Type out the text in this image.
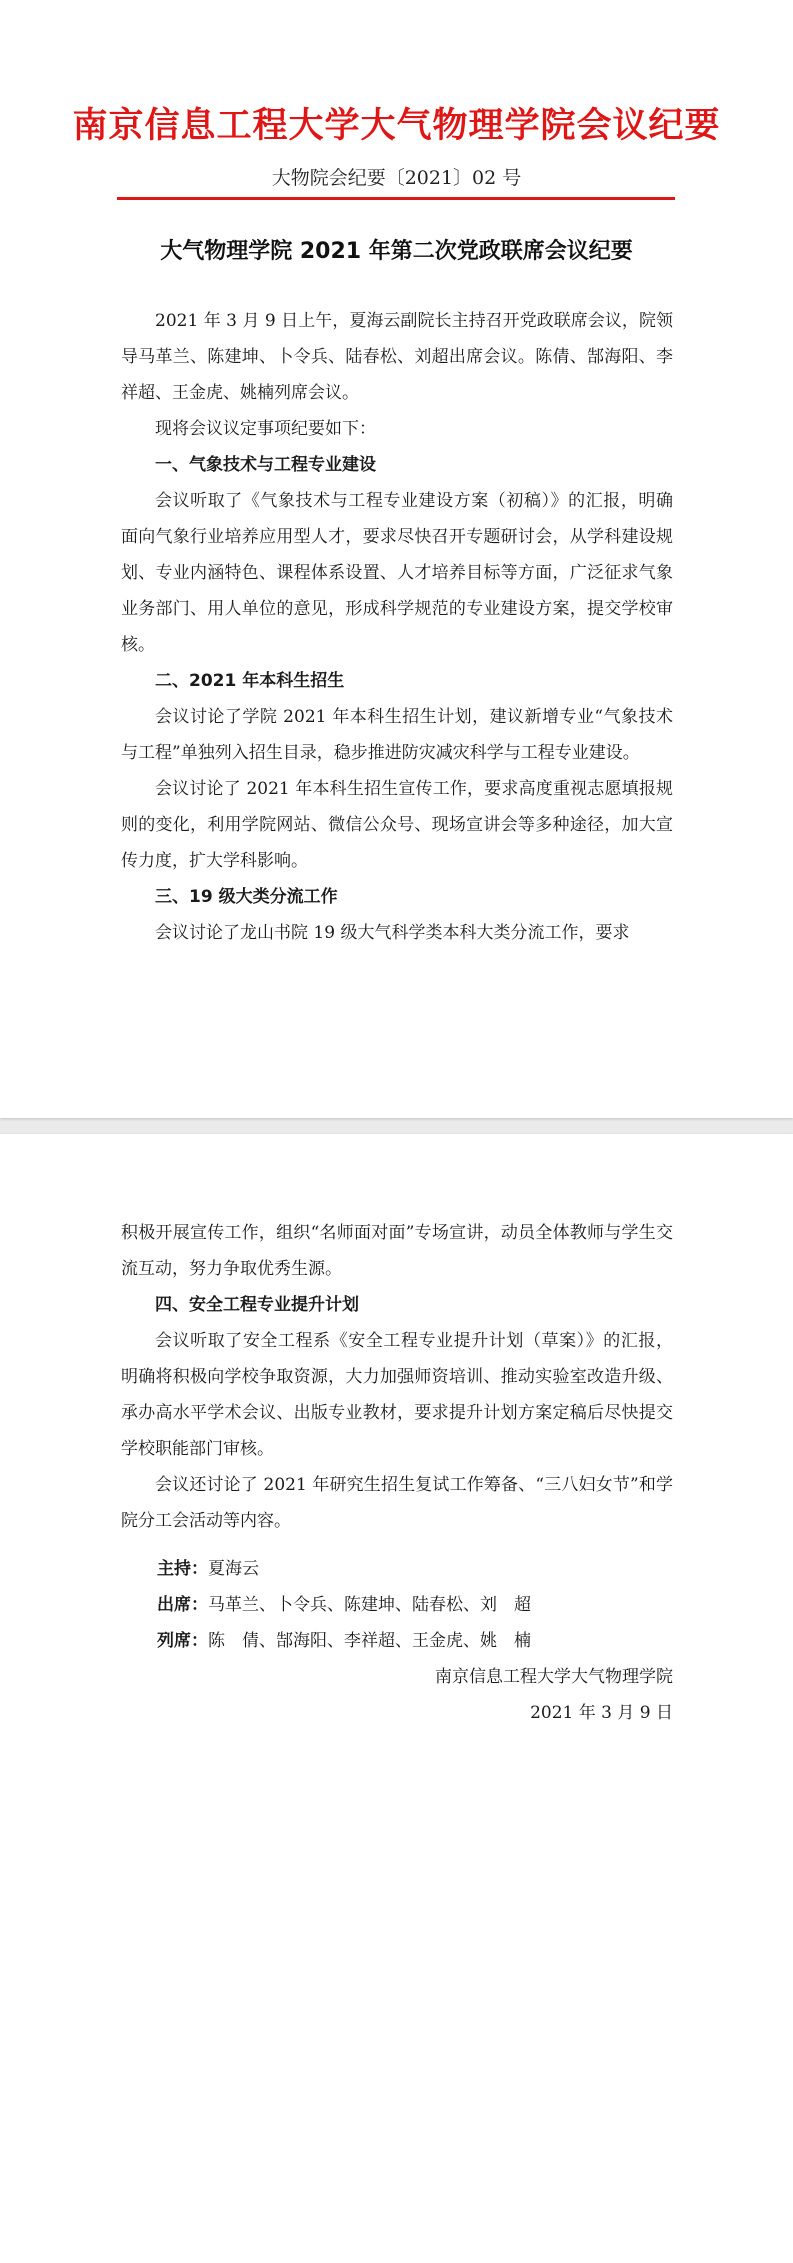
南京信息工程大学大气物理学院会议纪要
大物院会纪要〔2021〕02 号
大气物理学院 2021 年第二次党政联席会议纪要

2021 年 3 月 9 日上午，夏海云副院长主持召开党政联席会议，院领导马革兰、陈建坤、卜令兵、陆春松、刘超出席会议。陈倩、郜海阳、李祥超、王金虎、姚楠列席会议。

现将会议议定事项纪要如下：

一、气象技术与工程专业建设

会议听取了《气象技术与工程专业建设方案（初稿）》的汇报，明确面向气象行业培养应用型人才，要求尽快召开专题研讨会，从学科建设规划、专业内涵特色、课程体系设置、人才培养目标等方面，广泛征求气象业务部门、用人单位的意见，形成科学规范的专业建设方案，提交学校审核。

二、2021 年本科生招生

会议讨论了学院 2021 年本科生招生计划，建议新增专业“气象技术与工程”单独列入招生目录，稳步推进防灾减灾科学与工程专业建设。

会议讨论了 2021 年本科生招生宣传工作，要求高度重视志愿填报规则的变化，利用学院网站、微信公众号、现场宣讲会等多种途径，加大宣传力度，扩大学科影响。

三、19 级大类分流工作

会议讨论了龙山书院 19 级大气科学类本科大类分流工作，要求

积极开展宣传工作，组织“名师面对面”专场宣讲，动员全体教师与学生交流互动，努力争取优秀生源。

四、安全工程专业提升计划

会议听取了安全工程系《安全工程专业提升计划（草案）》的汇报，明确将积极向学校争取资源，大力加强师资培训、推动实验室改造升级、承办高水平学术会议、出版专业教材，要求提升计划方案定稿后尽快提交学校职能部门审核。

会议还讨论了 2021 年研究生招生复试工作筹备、“三八妇女节”和学院分工会活动等内容。

主持：夏海云
出席：马革兰、卜令兵、陈建坤、陆春松、刘　超
列席：陈　倩、郜海阳、李祥超、王金虎、姚　楠

南京信息工程大学大气物理学院

2021 年 3 月 9 日
